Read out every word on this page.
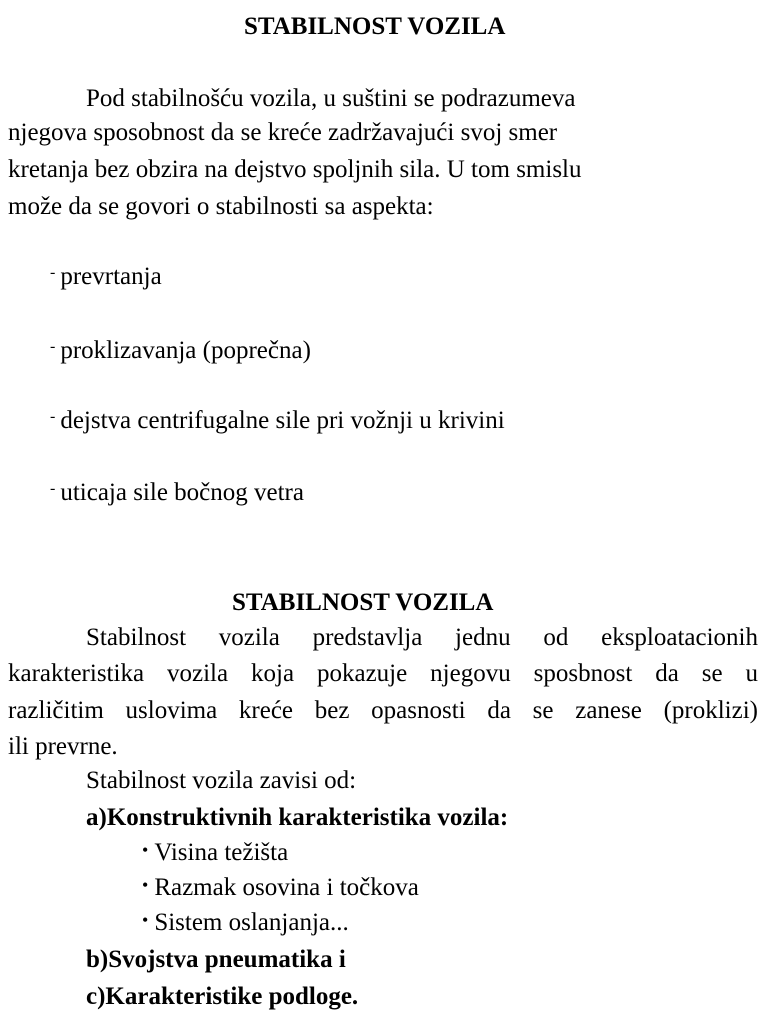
STABILNOST VOZILA
Pod stabilnošću vozila, u suštini se podrazumeva
njegova sposobnost da se kreće zadržavajući svoj smer
kretanja bez obzira na dejstvo spoljnih sila. U tom smislu
može da se govori o stabilnosti sa aspekta:
- prevrtanja
- proklizavanja (poprečna)
- dejstva centrifugalne sile pri vožnji u krivini
- uticaja sile bočnog vetra
STABILNOST VOZILA
Stabilnost vozila predstavlja jednu od eksploatacionih
karakteristika vozila koja pokazuje njegovu sposbnost da se u
različitim uslovima kreće bez opasnosti da se zanese (proklizi)
ili prevrne.
Stabilnost vozila zavisi od:
a)Konstruktivnih karakteristika vozila:
• Visina težišta
• Razmak osovina i točkova
• Sistem oslanjanja...
b)Svojstva pneumatika i
c)Karakteristike podloge.
